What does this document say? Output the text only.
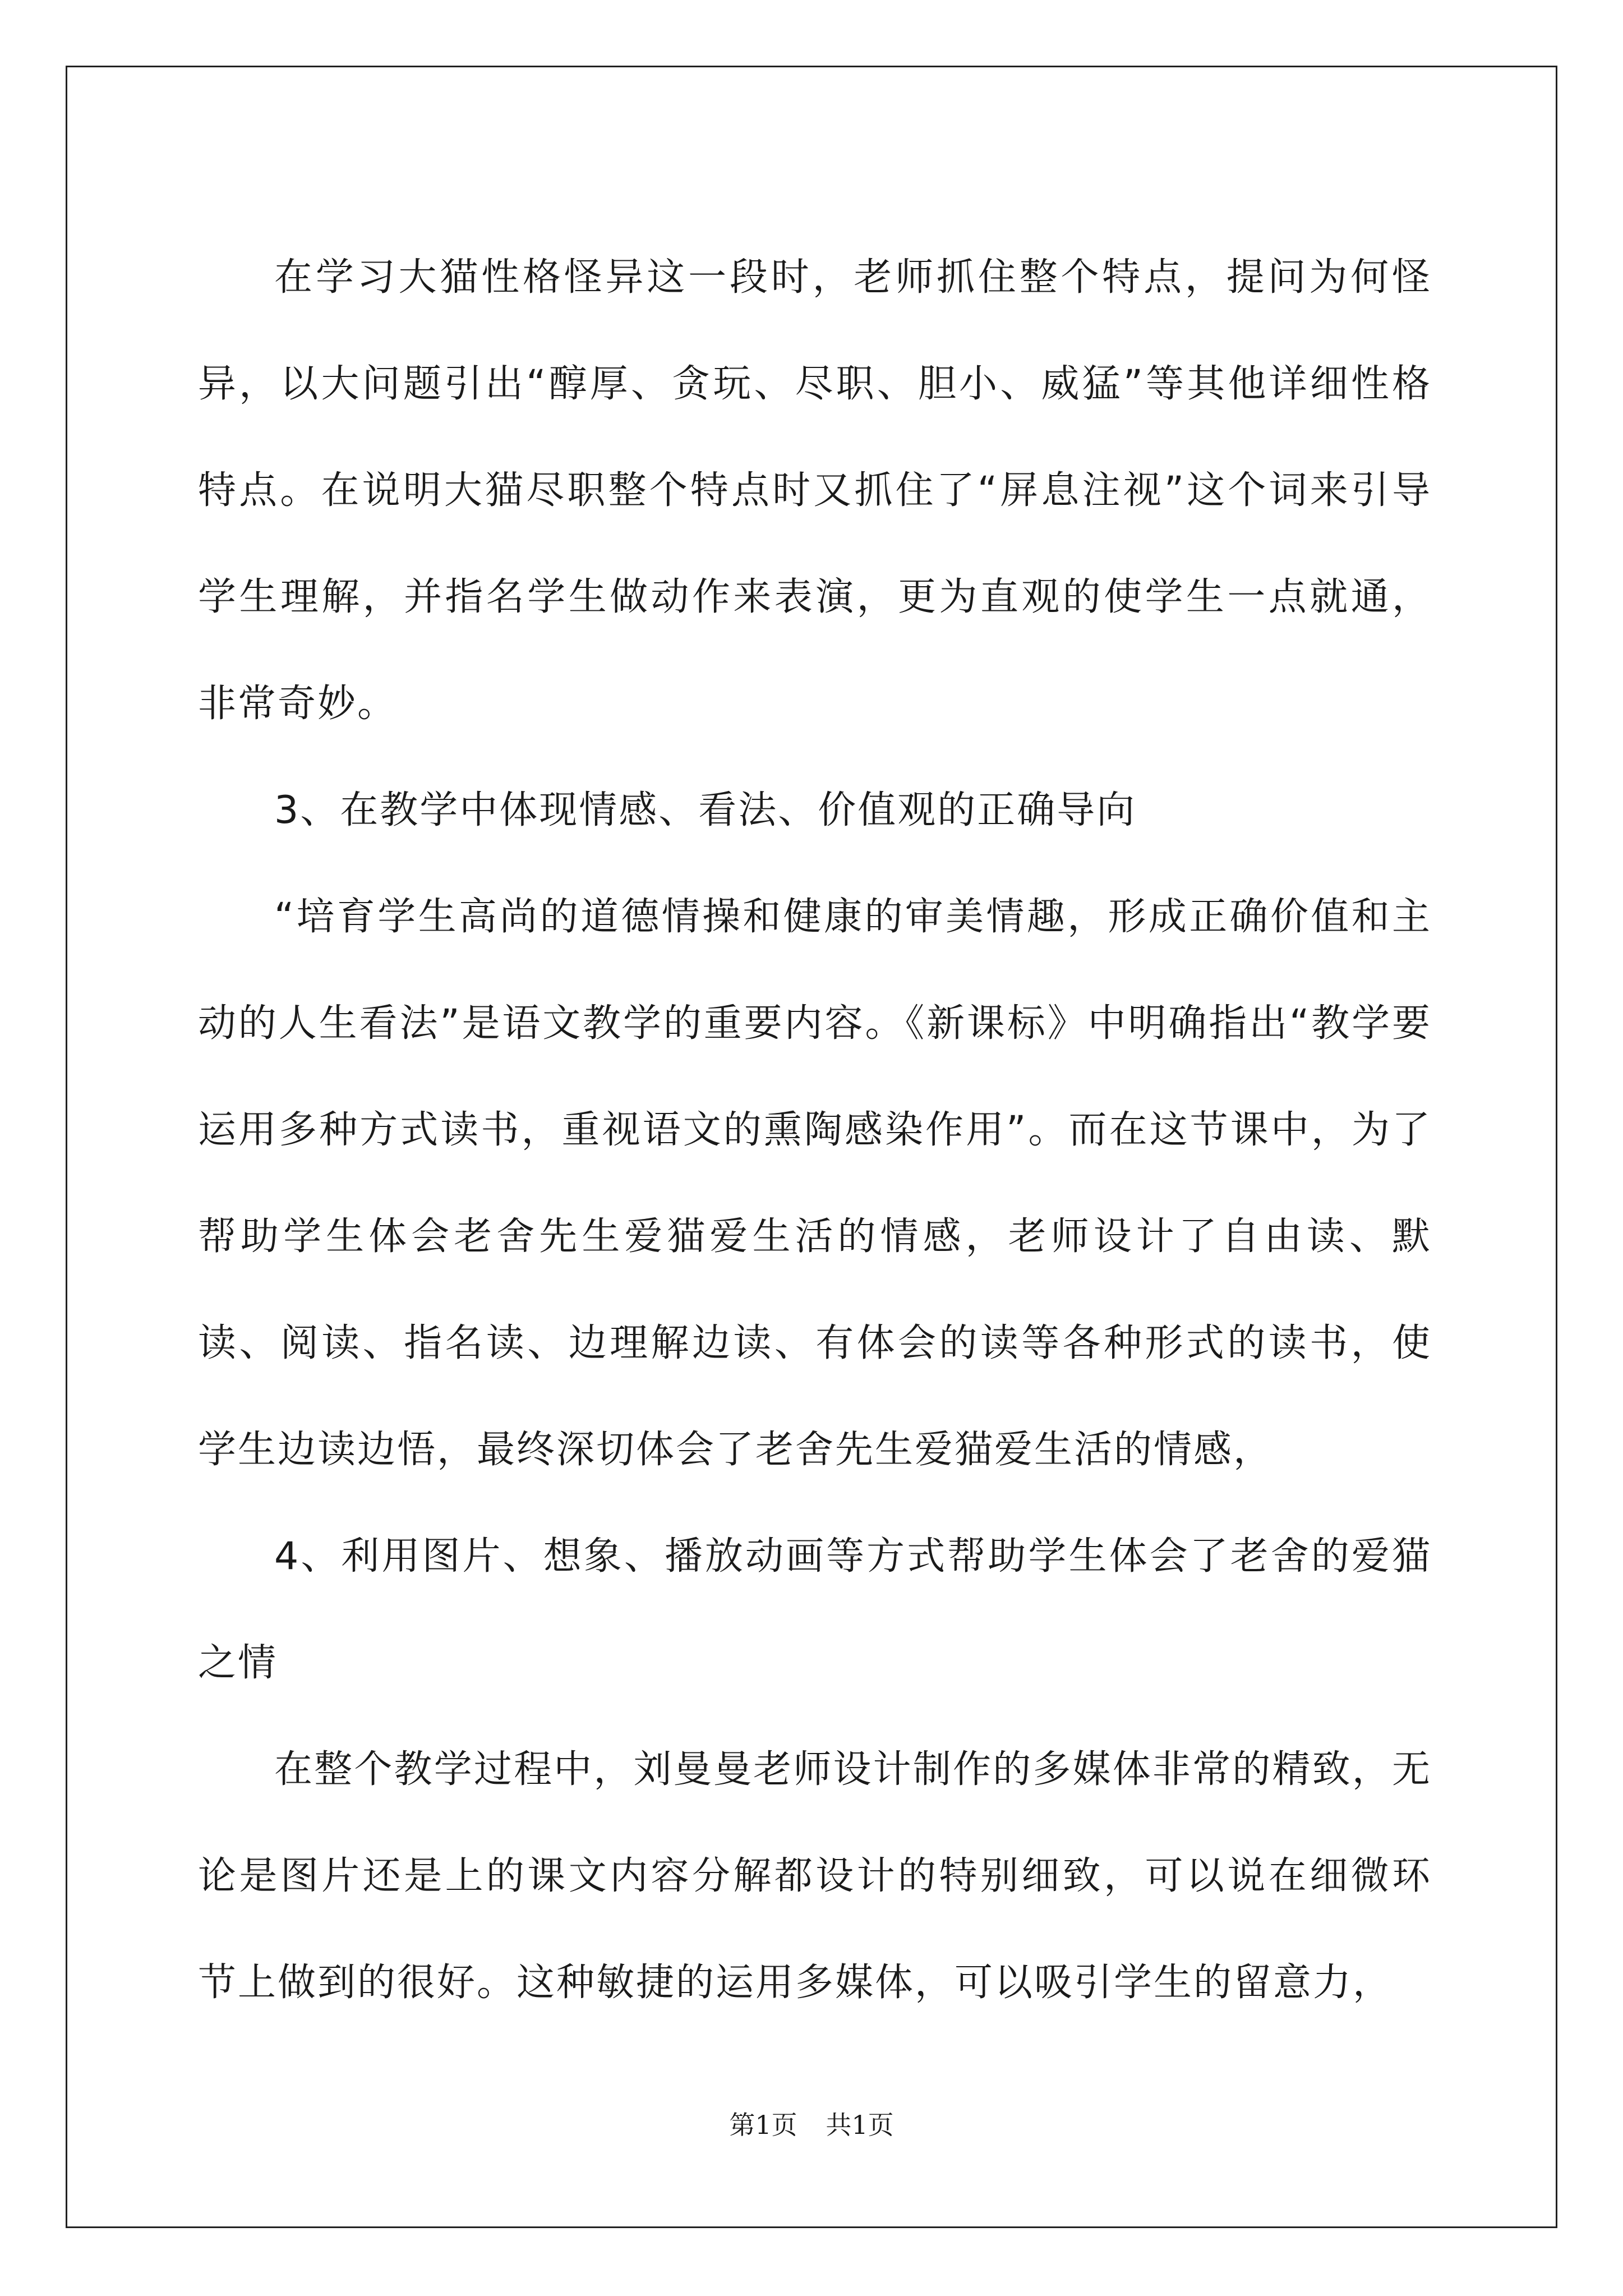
在学习大猫性格怪异这一段时，老师抓住整个特点，提问为何怪异，以大问题引出“醇厚、贪玩、尽职、胆小、威猛”等其他详细性格特点。在说明大猫尽职整个特点时又抓住了“屏息注视”这个词来引导学生理解，并指名学生做动作来表演，更为直观的使学生一点就通，非常奇妙。

3、在教学中体现情感、看法、价值观的正确导向

“培育学生高尚的道德情操和健康的审美情趣，形成正确价值和主动的人生看法”是语文教学的重要内容。《新课标》中明确指出“教学要运用多种方式读书，重视语文的熏陶感染作用”。而在这节课中，为了帮助学生体会老舍先生爱猫爱生活的情感，老师设计了自由读、默读、阅读、指名读、边理解边读、有体会的读等各种形式的读书，使学生边读边悟，最终深切体会了老舍先生爱猫爱生活的情感，

4、利用图片、想象、播放动画等方式帮助学生体会了老舍的爱猫之情

在整个教学过程中，刘曼曼老师设计制作的多媒体非常的精致，无论是图片还是上的课文内容分解都设计的特别细致，可以说在细微环节上做到的很好。这种敏捷的运用多媒体，可以吸引学生的留意力，

第1页 共1页
